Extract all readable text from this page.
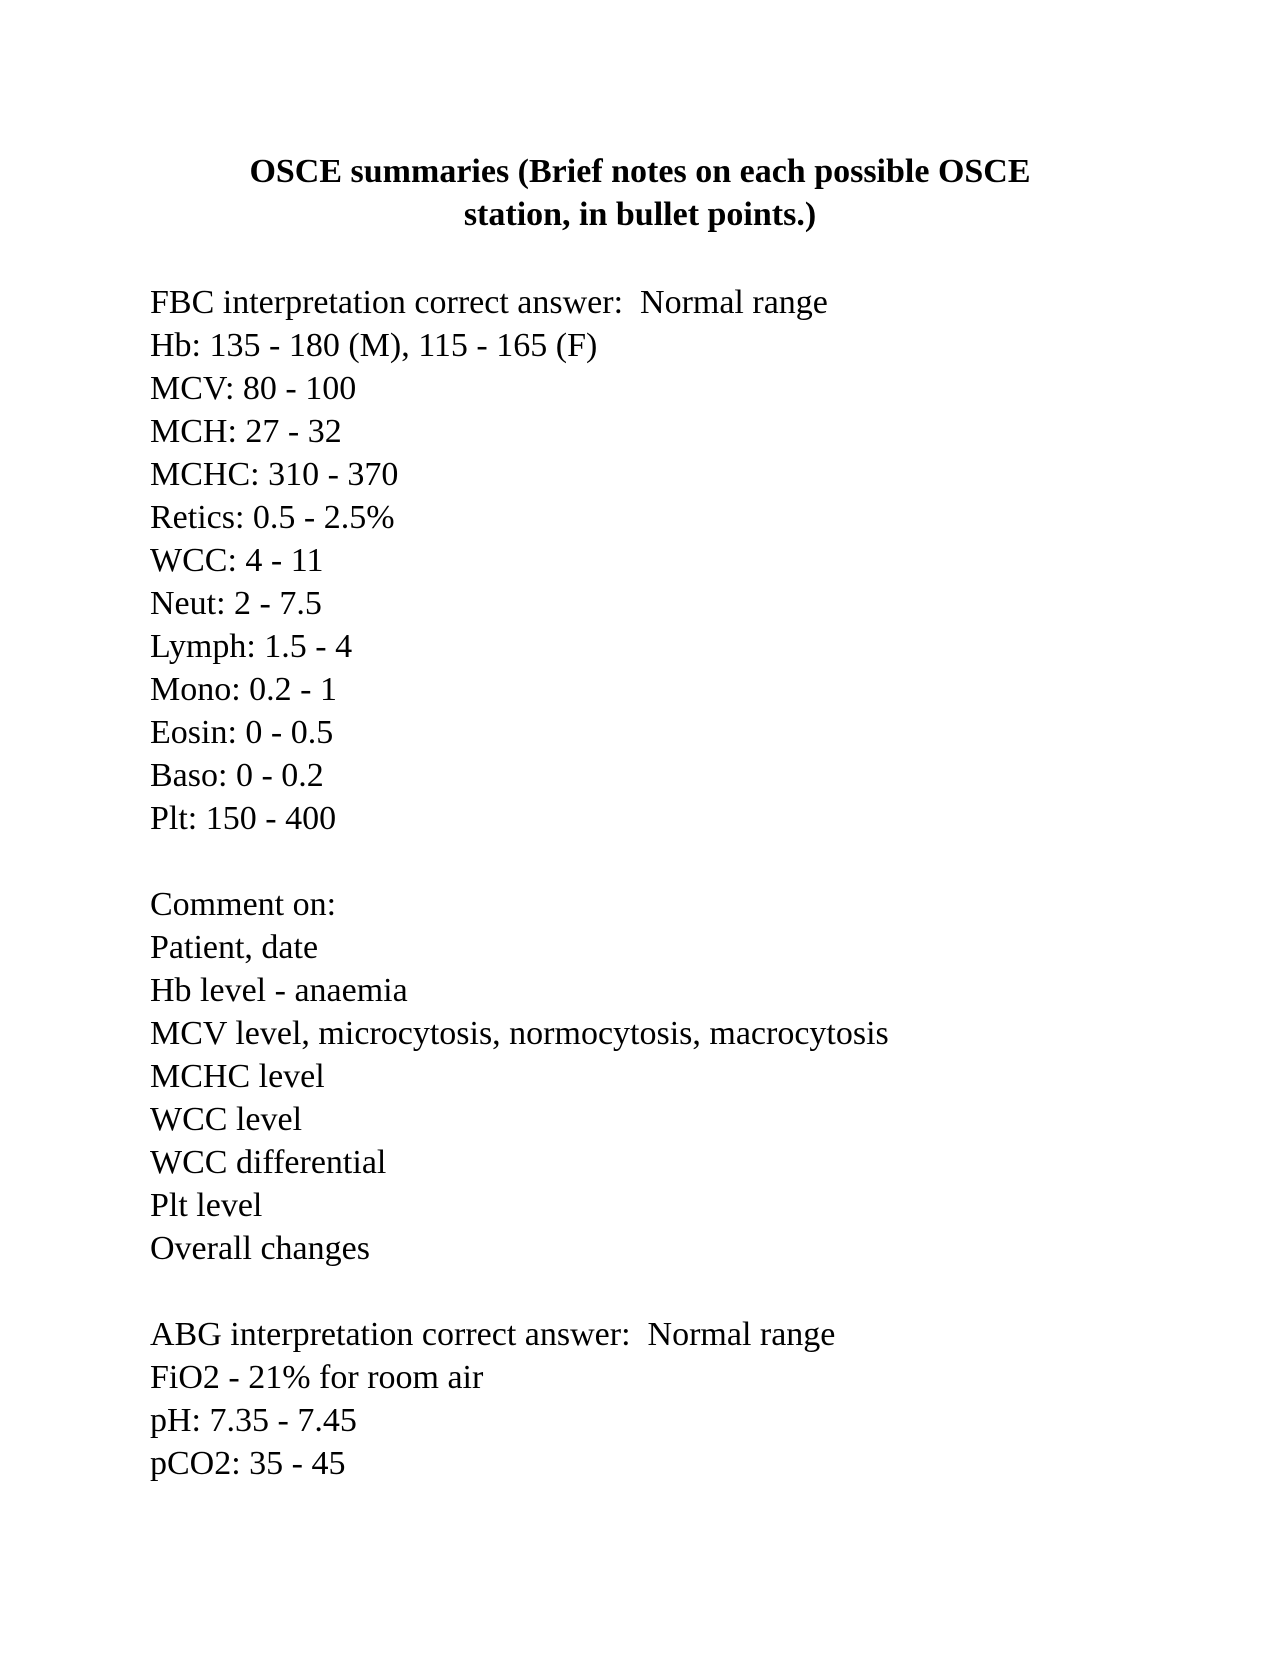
OSCE summaries (Brief notes on each possible OSCE
station, in bullet points.)
FBC interpretation correct answer:  Normal range
Hb: 135 - 180 (M), 115 - 165 (F)
MCV: 80 - 100
MCH: 27 - 32
MCHC: 310 - 370
Retics: 0.5 - 2.5%
WCC: 4 - 11
Neut: 2 - 7.5
Lymph: 1.5 - 4
Mono: 0.2 - 1
Eosin: 0 - 0.5
Baso: 0 - 0.2
Plt: 150 - 400
Comment on:
Patient, date
Hb level - anaemia
MCV level, microcytosis, normocytosis, macrocytosis
MCHC level
WCC level
WCC differential
Plt level
Overall changes
ABG interpretation correct answer:  Normal range
FiO2 - 21% for room air
pH: 7.35 - 7.45
pCO2: 35 - 45
